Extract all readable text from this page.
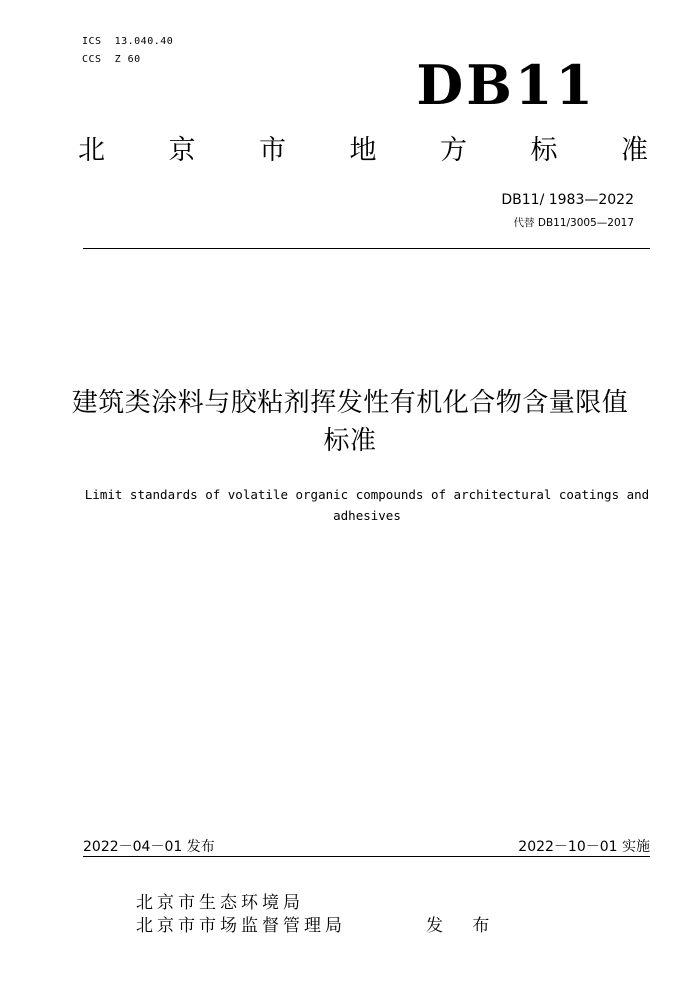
ICS  13.040.40
CCS  Z 60	DB11
北 京 市 地 方 标 准
DB11/ 1983—2022
代替 DB11/3005—2017
建筑类涂料与胶粘剂挥发性有机化合物含量限值标准
Limit standards of volatile organic compounds of architectural coatings and adhesives
2022－04－01 发布	2022－10－01 实施
北京市生态环境局
北京市市场监督管理局	发 布
